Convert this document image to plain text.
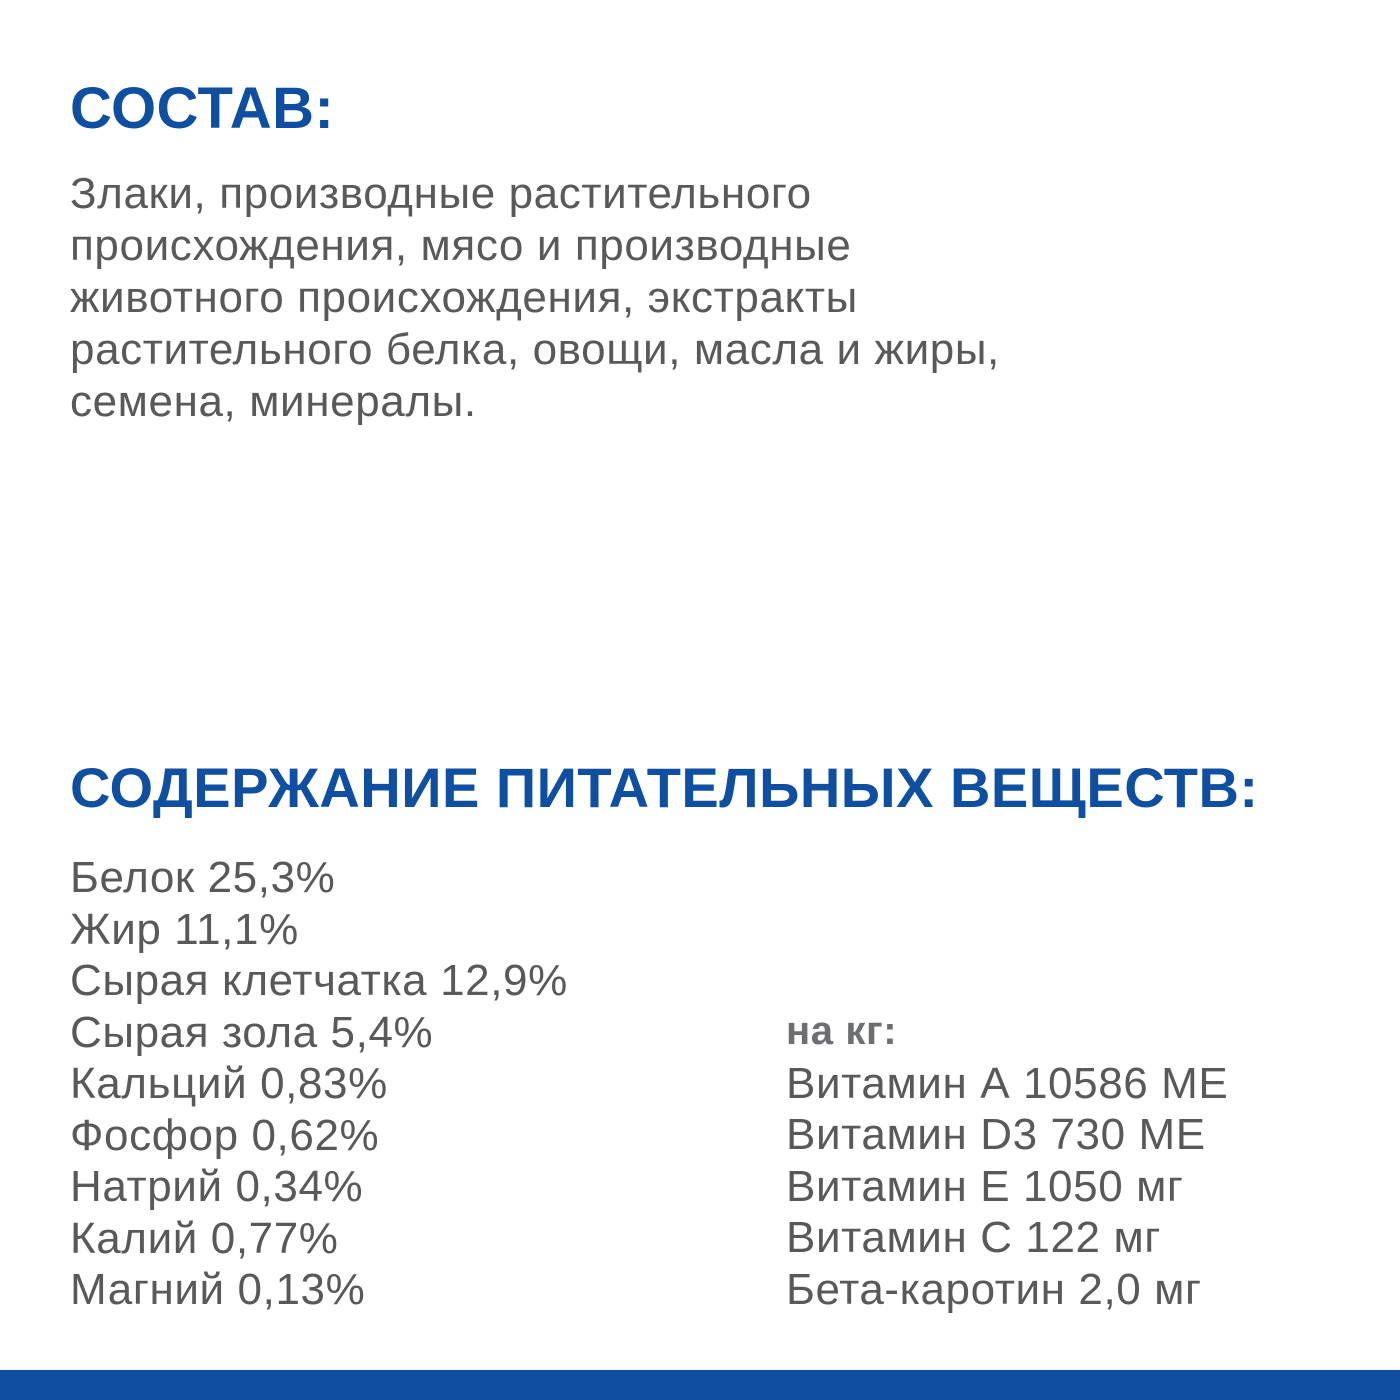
СОСТАВ:

Злаки, производные растительного
происхождения, мясо и производные
животного происхождения, экстракты
растительного белка, овощи, масла и жиры,
семена, минералы.

СОДЕРЖАНИЕ ПИТАТЕЛЬНЫХ ВЕЩЕСТВ:
Белок 25,3%
Жир 11,1%
Сырая клетчатка 12,9%
Сырая зола 5,4%
Кальций 0,83%
Фосфор 0,62%
Натрий 0,34%
Калий 0,77%
Магний 0,13%
на кг:
Витамин А 10586 МЕ
Витамин D3 730 МЕ
Витамин Е 1050 мг
Витамин С 122 мг
Бета-каротин 2,0 мг
